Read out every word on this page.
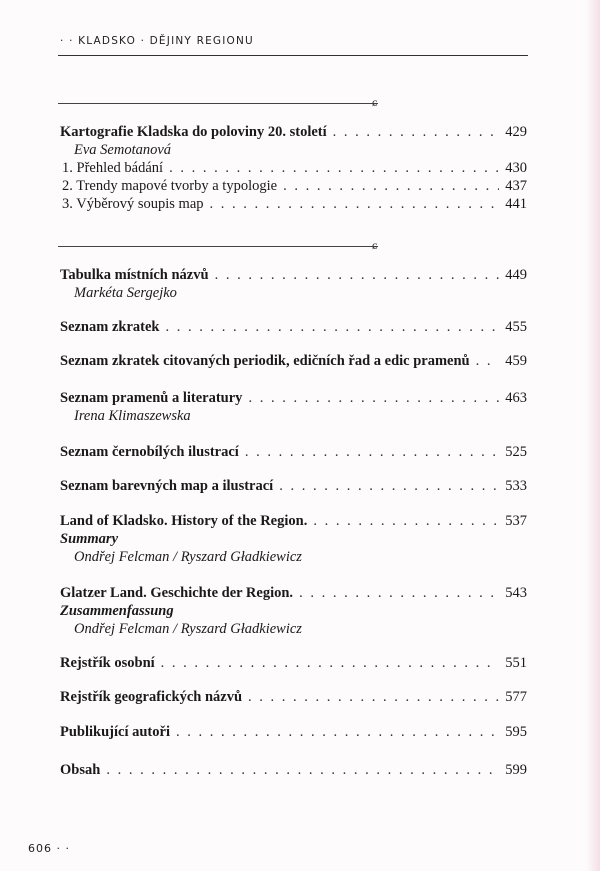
· · KLADSKO · DĚJINY REGIONU
ɕ
Kartografie Kladska do poloviny 20. století . . .	429
Eva Semotanová
1. Přehled bádání . . .	430
2. Trendy mapové tvorby a typologie . . .	437
3. Výběrový soupis map . . .	441
ɕ
Tabulka místních názvů . . .	449
Markéta Sergejko
Seznam zkratek . . .	455
Seznam zkratek citovaných periodik, edičních řad a edic pramenů . . . 459
Seznam pramenů a literatury . . .	463
Irena Klimaszewska
Seznam černobílých ilustrací . . .	525
Seznam barevných map a ilustrací . . .	533
Land of Kladsko. History of the Region. . . .	537
Summary
Ondřej Felcman / Ryszard Gładkiewicz
Glatzer Land. Geschichte der Region. . . .	543
Zusammenfassung
Ondřej Felcman / Ryszard Gładkiewicz
Rejstřík osobní . . .	551
Rejstřík geografických názvů . . .	577
Publikující autoři . . .	595
Obsah . . .	599
606 · ·
